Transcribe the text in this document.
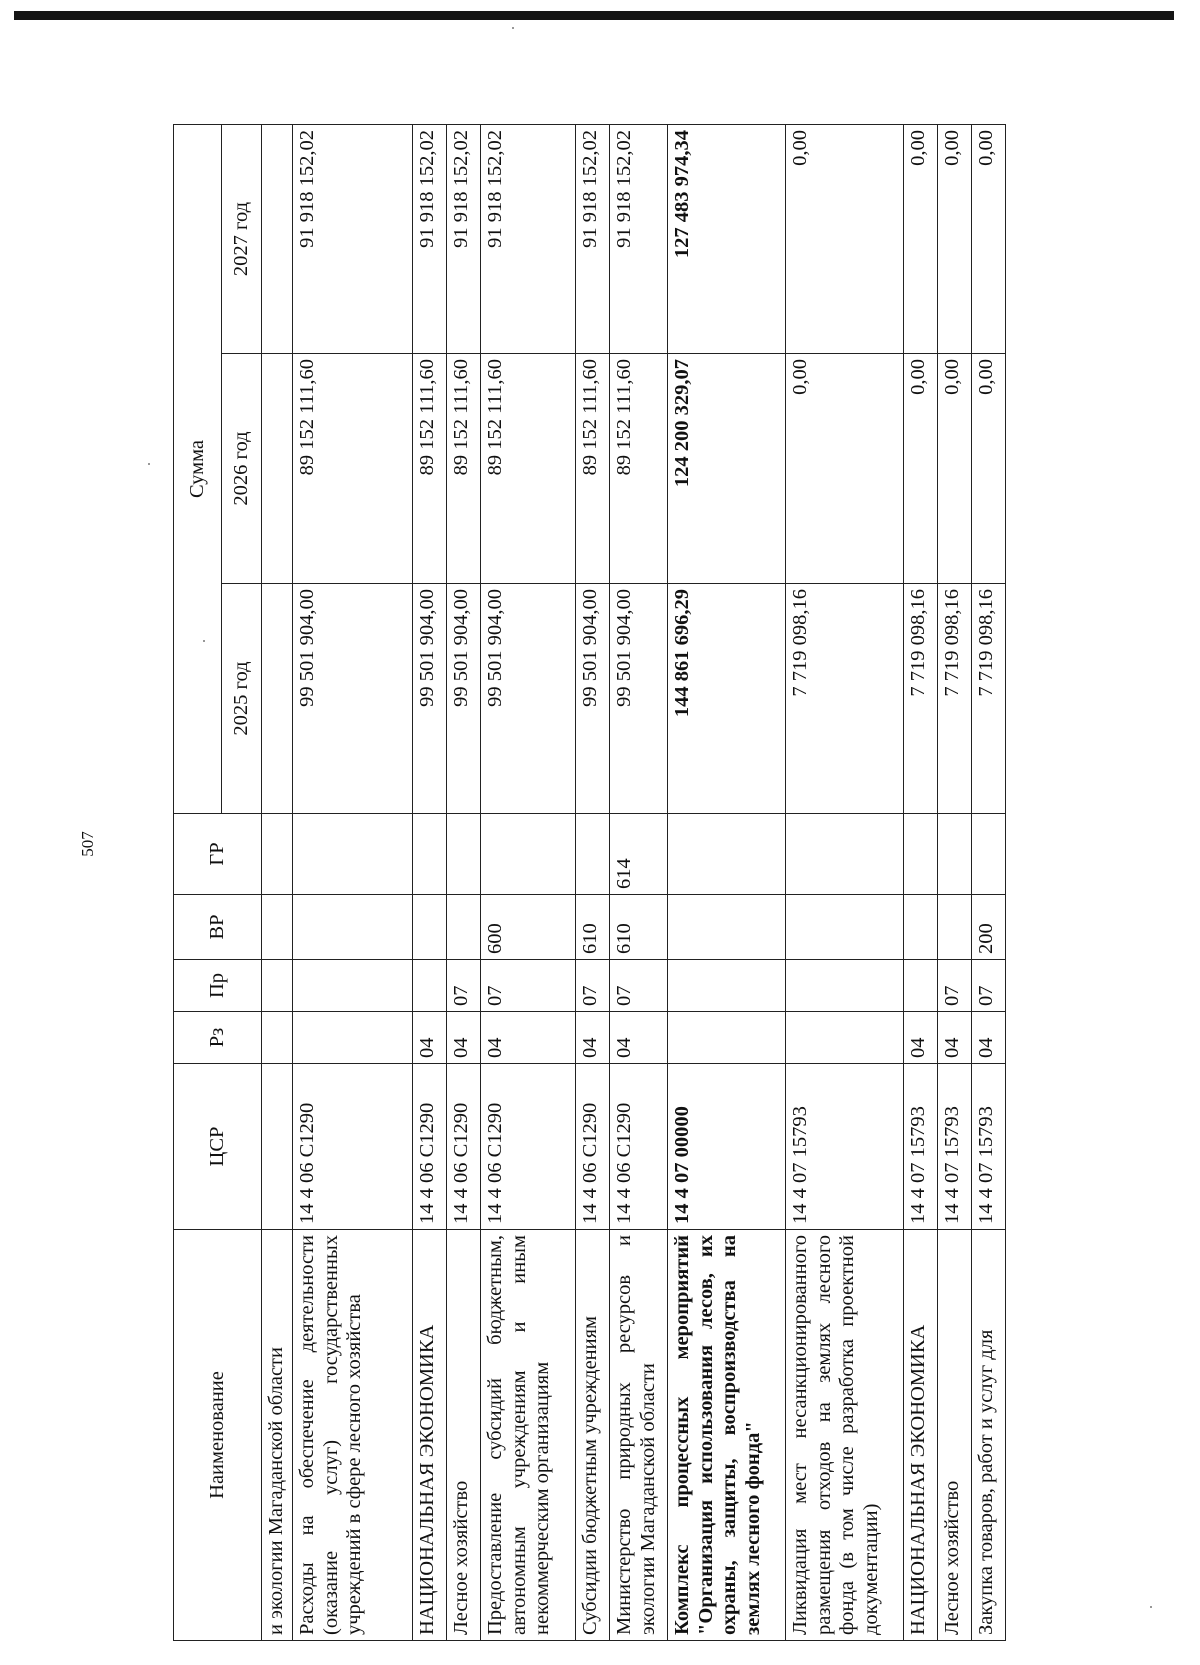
507
Наименование	ЦСР	Рз	Пр	ВР	ГР	Сумма		
						2025 год	2026 год	2027 год
и экологии Магаданской области								
Расходы на обеспечение деятельности (оказание услуг) государственных учреждений в сфере лесного хозяйства	14 4 06 С1290					99 501 904,00	89 152 111,60	91 918 152,02
НАЦИОНАЛЬНАЯ ЭКОНОМИКА	14 4 06 С1290	04				99 501 904,00	89 152 111,60	91 918 152,02
Лесное хозяйство	14 4 06 С1290	04	07			99 501 904,00	89 152 111,60	91 918 152,02
Предоставление субсидий бюджетным, автономным учреждениям и иным некоммерческим организациям	14 4 06 С1290	04	07	600		99 501 904,00	89 152 111,60	91 918 152,02
Субсидии бюджетным учреждениям	14 4 06 С1290	04	07	610		99 501 904,00	89 152 111,60	91 918 152,02
Министерство природных ресурсов и экологии Магаданской области	14 4 06 С1290	04	07	610	614	99 501 904,00	89 152 111,60	91 918 152,02
Комплекс процессных мероприятий "Организация использования лесов, их охраны, защиты, воспроизводства на землях лесного фонда"	14 4 07 00000					144 861 696,29	124 200 329,07	127 483 974,34
Ликвидация мест несанкционированного размещения отходов на землях лесного фонда (в том числе разработка проектной документации)	14 4 07 15793					7 719 098,16	0,00	0,00
НАЦИОНАЛЬНАЯ ЭКОНОМИКА	14 4 07 15793	04				7 719 098,16	0,00	0,00
Лесное хозяйство	14 4 07 15793	04	07			7 719 098,16	0,00	0,00
Закупка товаров, работ и услуг для	14 4 07 15793	04	07	200		7 719 098,16	0,00	0,00
